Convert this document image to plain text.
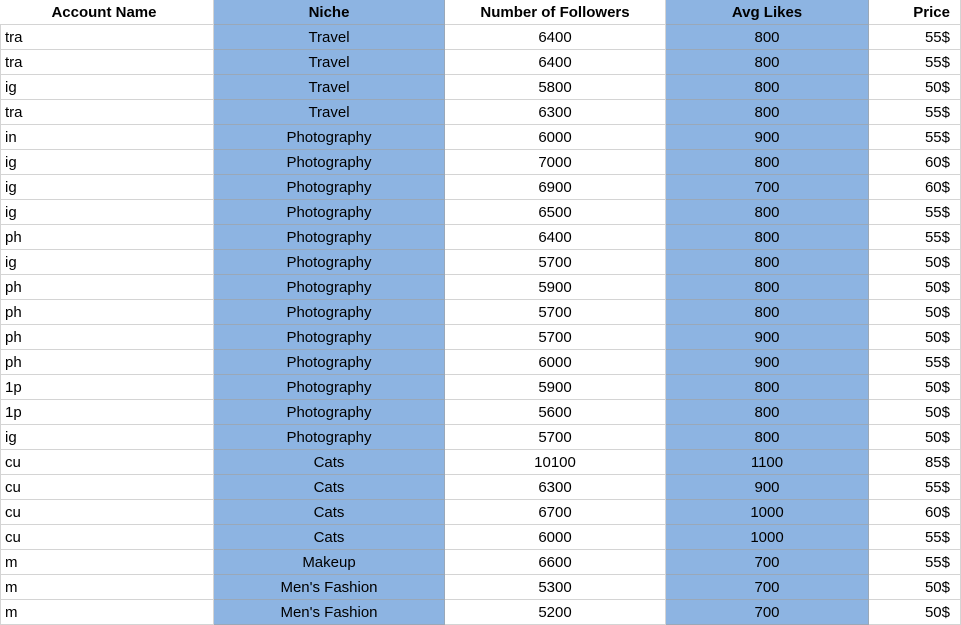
Account Name		Niche	Number of Followers	Avg Likes	Price
tra		Travel	6400	800	55$
tra		Travel	6400	800	55$
ig		Travel	5800	800	50$
tra		Travel	6300	800	55$
in		Photography	6000	900	55$
ig		Photography	7000	800	60$
ig		Photography	6900	700	60$
ig		Photography	6500	800	55$
ph		Photography	6400	800	55$
ig		Photography	5700	800	50$
ph		Photography	5900	800	50$
ph		Photography	5700	800	50$
ph		Photography	5700	900	50$
ph		Photography	6000	900	55$
1p		Photography	5900	800	50$
1p		Photography	5600	800	50$
ig		Photography	5700	800	50$
cu		Cats	10100	1100	85$
cu		Cats	6300	900	55$
cu		Cats	6700	1000	60$
cu		Cats	6000	1000	55$
m		Makeup	6600	700	55$
m		Men's Fashion	5300	700	50$
m		Men's Fashion	5200	700	50$
